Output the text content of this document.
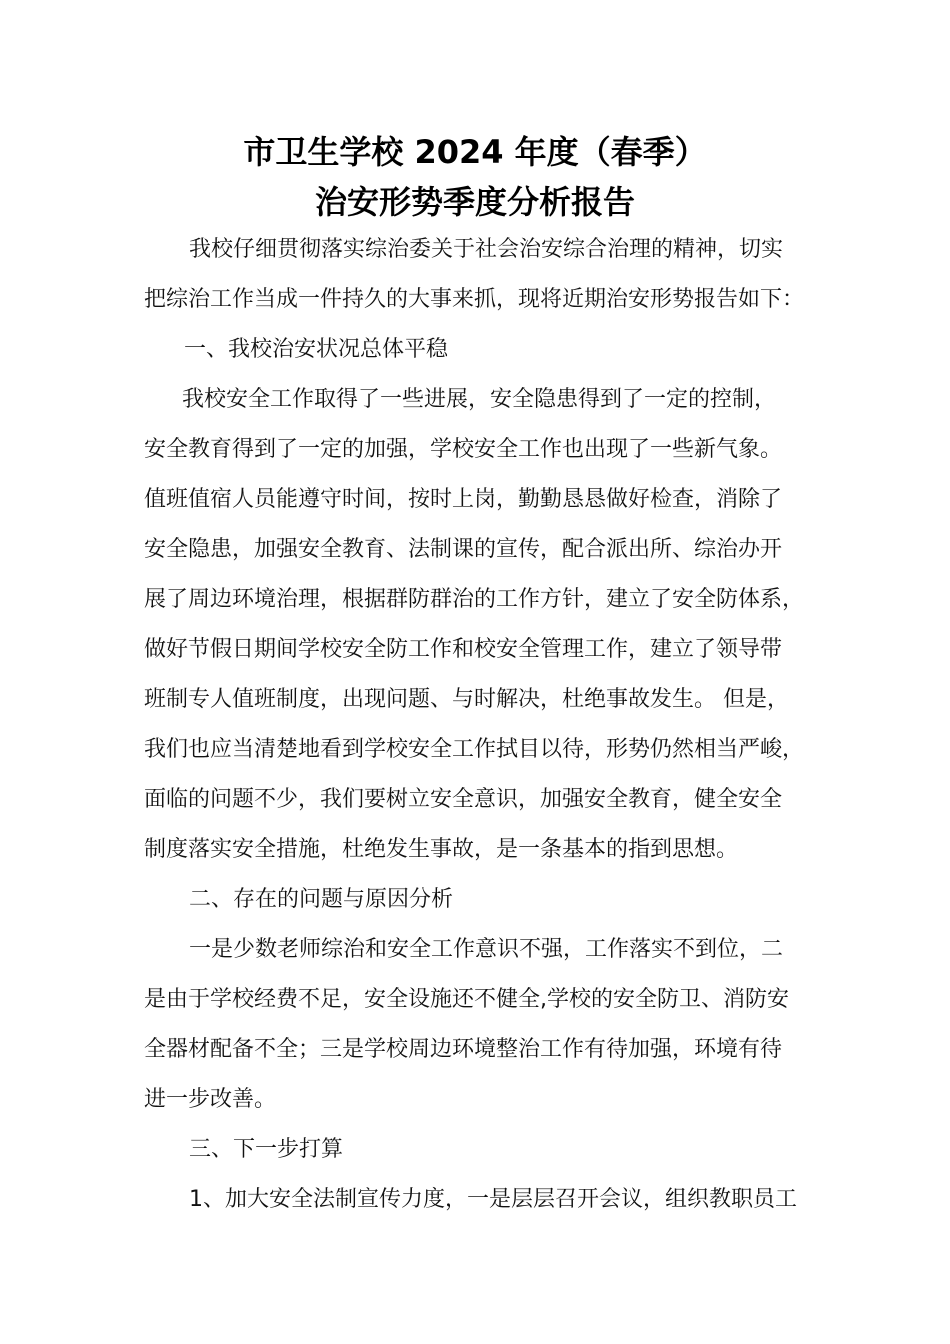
市卫生学校 2024 年度（春季）
治安形势季度分析报告
我校仔细贯彻落实综治委关于社会治安综合治理的精神，切实
把综治工作当成一件持久的大事来抓，现将近期治安形势报告如下：
一、我校治安状况总体平稳
我校安全工作取得了一些进展，安全隐患得到了一定的控制，
安全教育得到了一定的加强，学校安全工作也出现了一些新气象。
值班值宿人员能遵守时间，按时上岗，勤勤恳恳做好检查，消除了
安全隐患，加强安全教育、法制课的宣传，配合派出所、综治办开
展了周边环境治理，根据群防群治的工作方针，建立了安全防体系，
做好节假日期间学校安全防工作和校安全管理工作，建立了领导带
班制专人值班制度，出现问题、与时解决，杜绝事故发生。 但是，
我们也应当清楚地看到学校安全工作拭目以待，形势仍然相当严峻，
面临的问题不少，我们要树立安全意识，加强安全教育，健全安全
制度落实安全措施，杜绝发生事故，是一条基本的指到思想。
二、存在的问题与原因分析
一是少数老师综治和安全工作意识不强，工作落实不到位，二
是由于学校经费不足，安全设施还不健全,学校的安全防卫、消防安
全器材配备不全；三是学校周边环境整治工作有待加强，环境有待
进一步改善。
三、下一步打算
1、加大安全法制宣传力度，一是层层召开会议，组织教职员工
